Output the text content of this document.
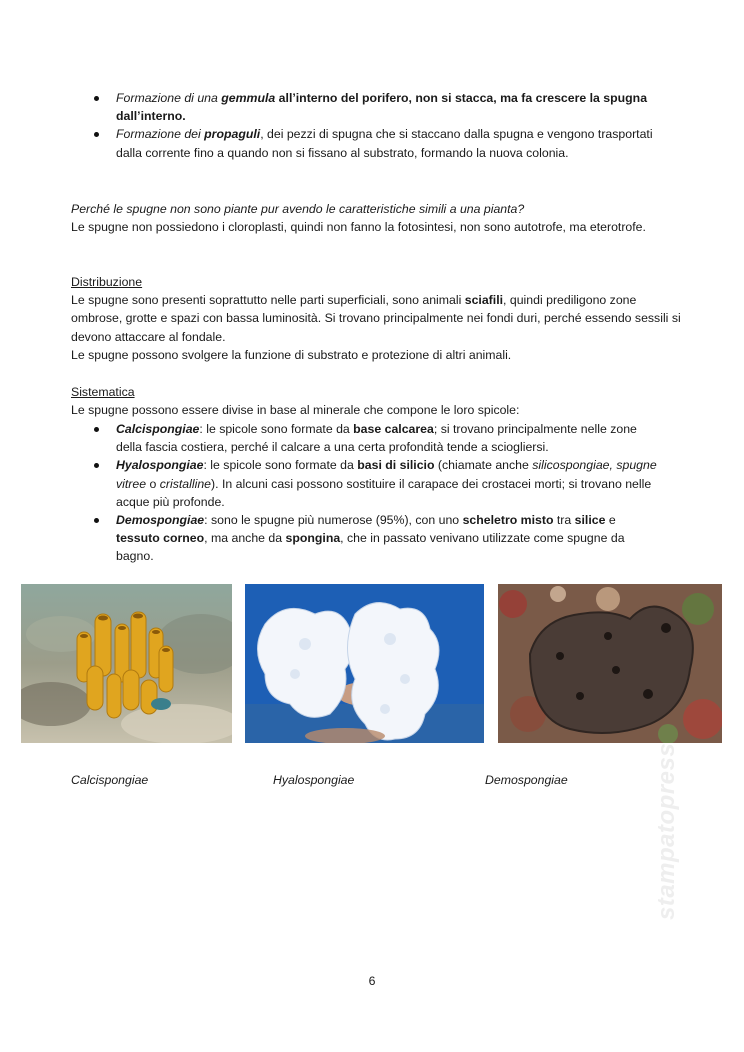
Formazione di una gemmula all’interno del porifero, non si stacca, ma fa crescere la spugna dall’interno.
Formazione dei propaguli, dei pezzi di spugna che si staccano dalla spugna e vengono trasportati dalla corrente fino a quando non si fissano al substrato, formando la nuova colonia.

Perché le spugne non sono piante pur avendo le caratteristiche simili a una pianta?

Le spugne non possiedono i cloroplasti, quindi non fanno la fotosintesi, non sono autotrofe, ma eterotrofe.

Distribuzione

Le spugne sono presenti soprattutto nelle parti superficiali, sono animali sciafili, quindi prediligono zone ombrose, grotte e spazi con bassa luminosità. Si trovano principalmente nei fondi duri, perché essendo sessili si devono attaccare al fondale.

Le spugne possono svolgere la funzione di substrato e protezione di altri animali.

Sistematica

Le spugne possono essere divise in base al minerale che compone le loro spicole:

Calcispongiae: le spicole sono formate da base calcarea; si trovano principalmente nelle zone della fascia costiera, perché il calcare a una certa profondità tende a sciogliersi.
Hyalospongiae: le spicole sono formate da basi di silicio (chiamate anche silicospongiae, spugne vitree o cristalline). In alcuni casi possono sostituire il carapace dei crostacei morti; si trovano nelle acque più profonde.
Demospongiae: sono le spugne più numerose (95%), con uno scheletro misto tra silice e tessuto corneo, ma anche da spongina, che in passato venivano utilizzate come spugne da bagno.
Calcispongiae	Hyalospongiae	Demospongiae	stampatopress
6
